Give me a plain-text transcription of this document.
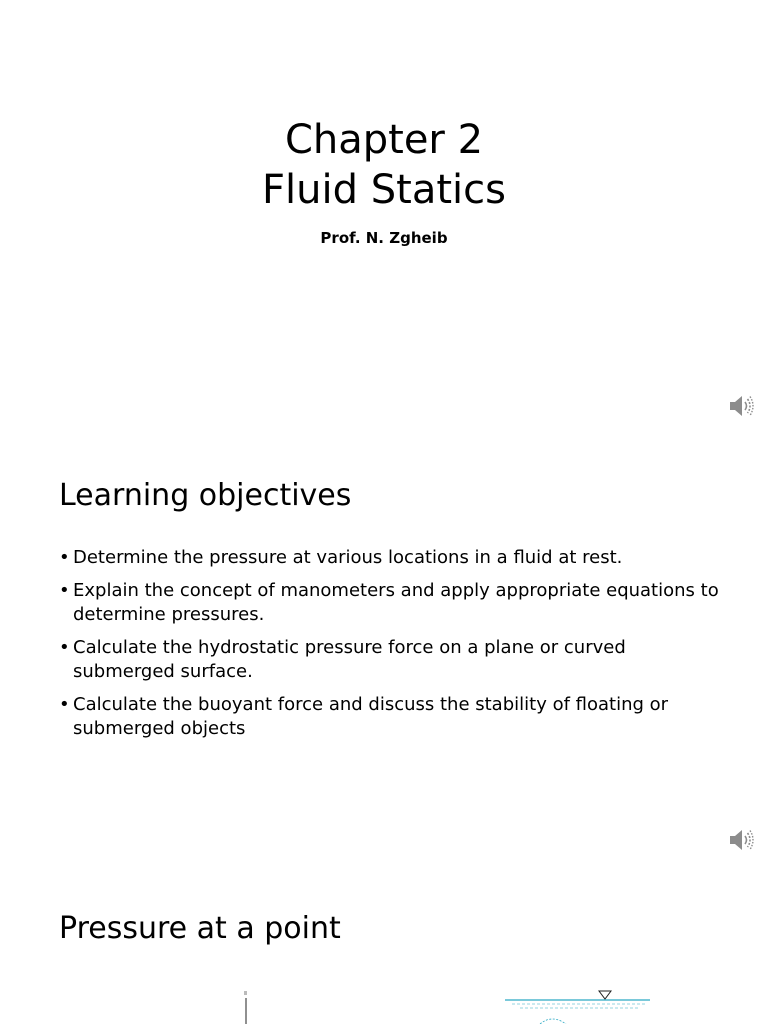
Chapter 2
Fluid Statics
Prof. N. Zgheib
Learning objectives
• Determine the pressure at various locations in a fluid at rest.
• Explain the concept of manometers and apply appropriate equations to determine pressures.
• Calculate the hydrostatic pressure force on a plane or curved submerged surface.
• Calculate the buoyant force and discuss the stability of floating or submerged objects
Pressure at a point
